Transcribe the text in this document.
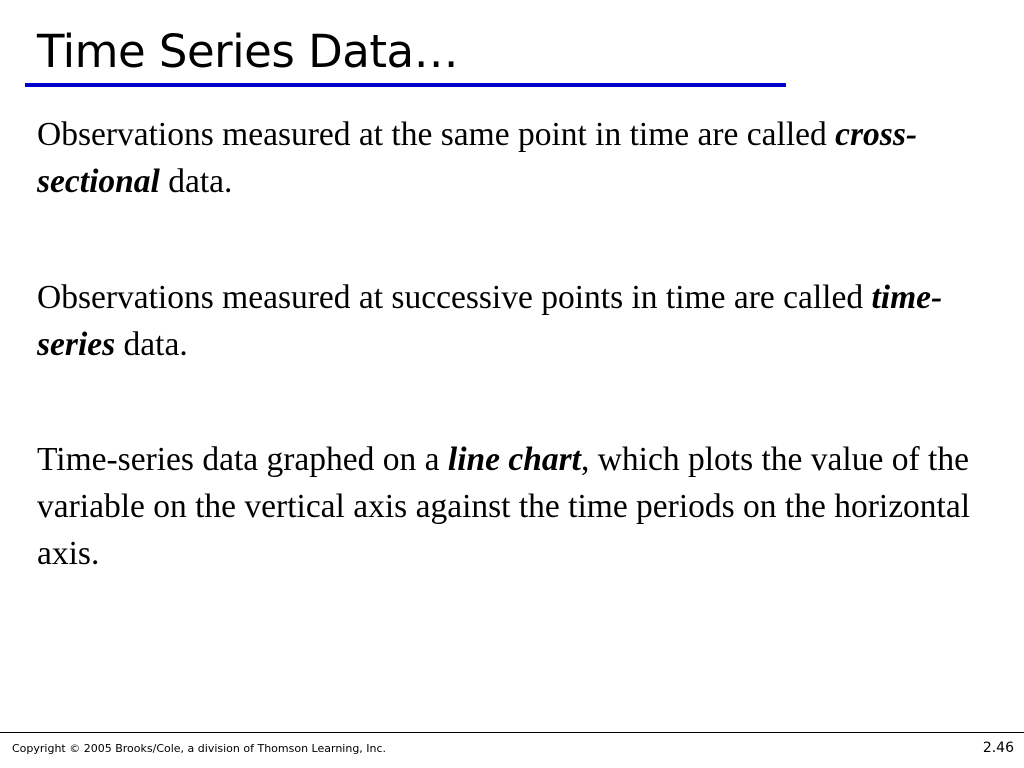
Time Series Data…

Observations measured at the same point in time are called cross-sectional data.

Observations measured at successive points in time are called time-series data.

Time-series data graphed on a line chart, which plots the value of the variable on the vertical axis against the time periods on the horizontal axis.

Copyright © 2005 Brooks/Cole, a division of Thomson Learning, Inc.	2.46
